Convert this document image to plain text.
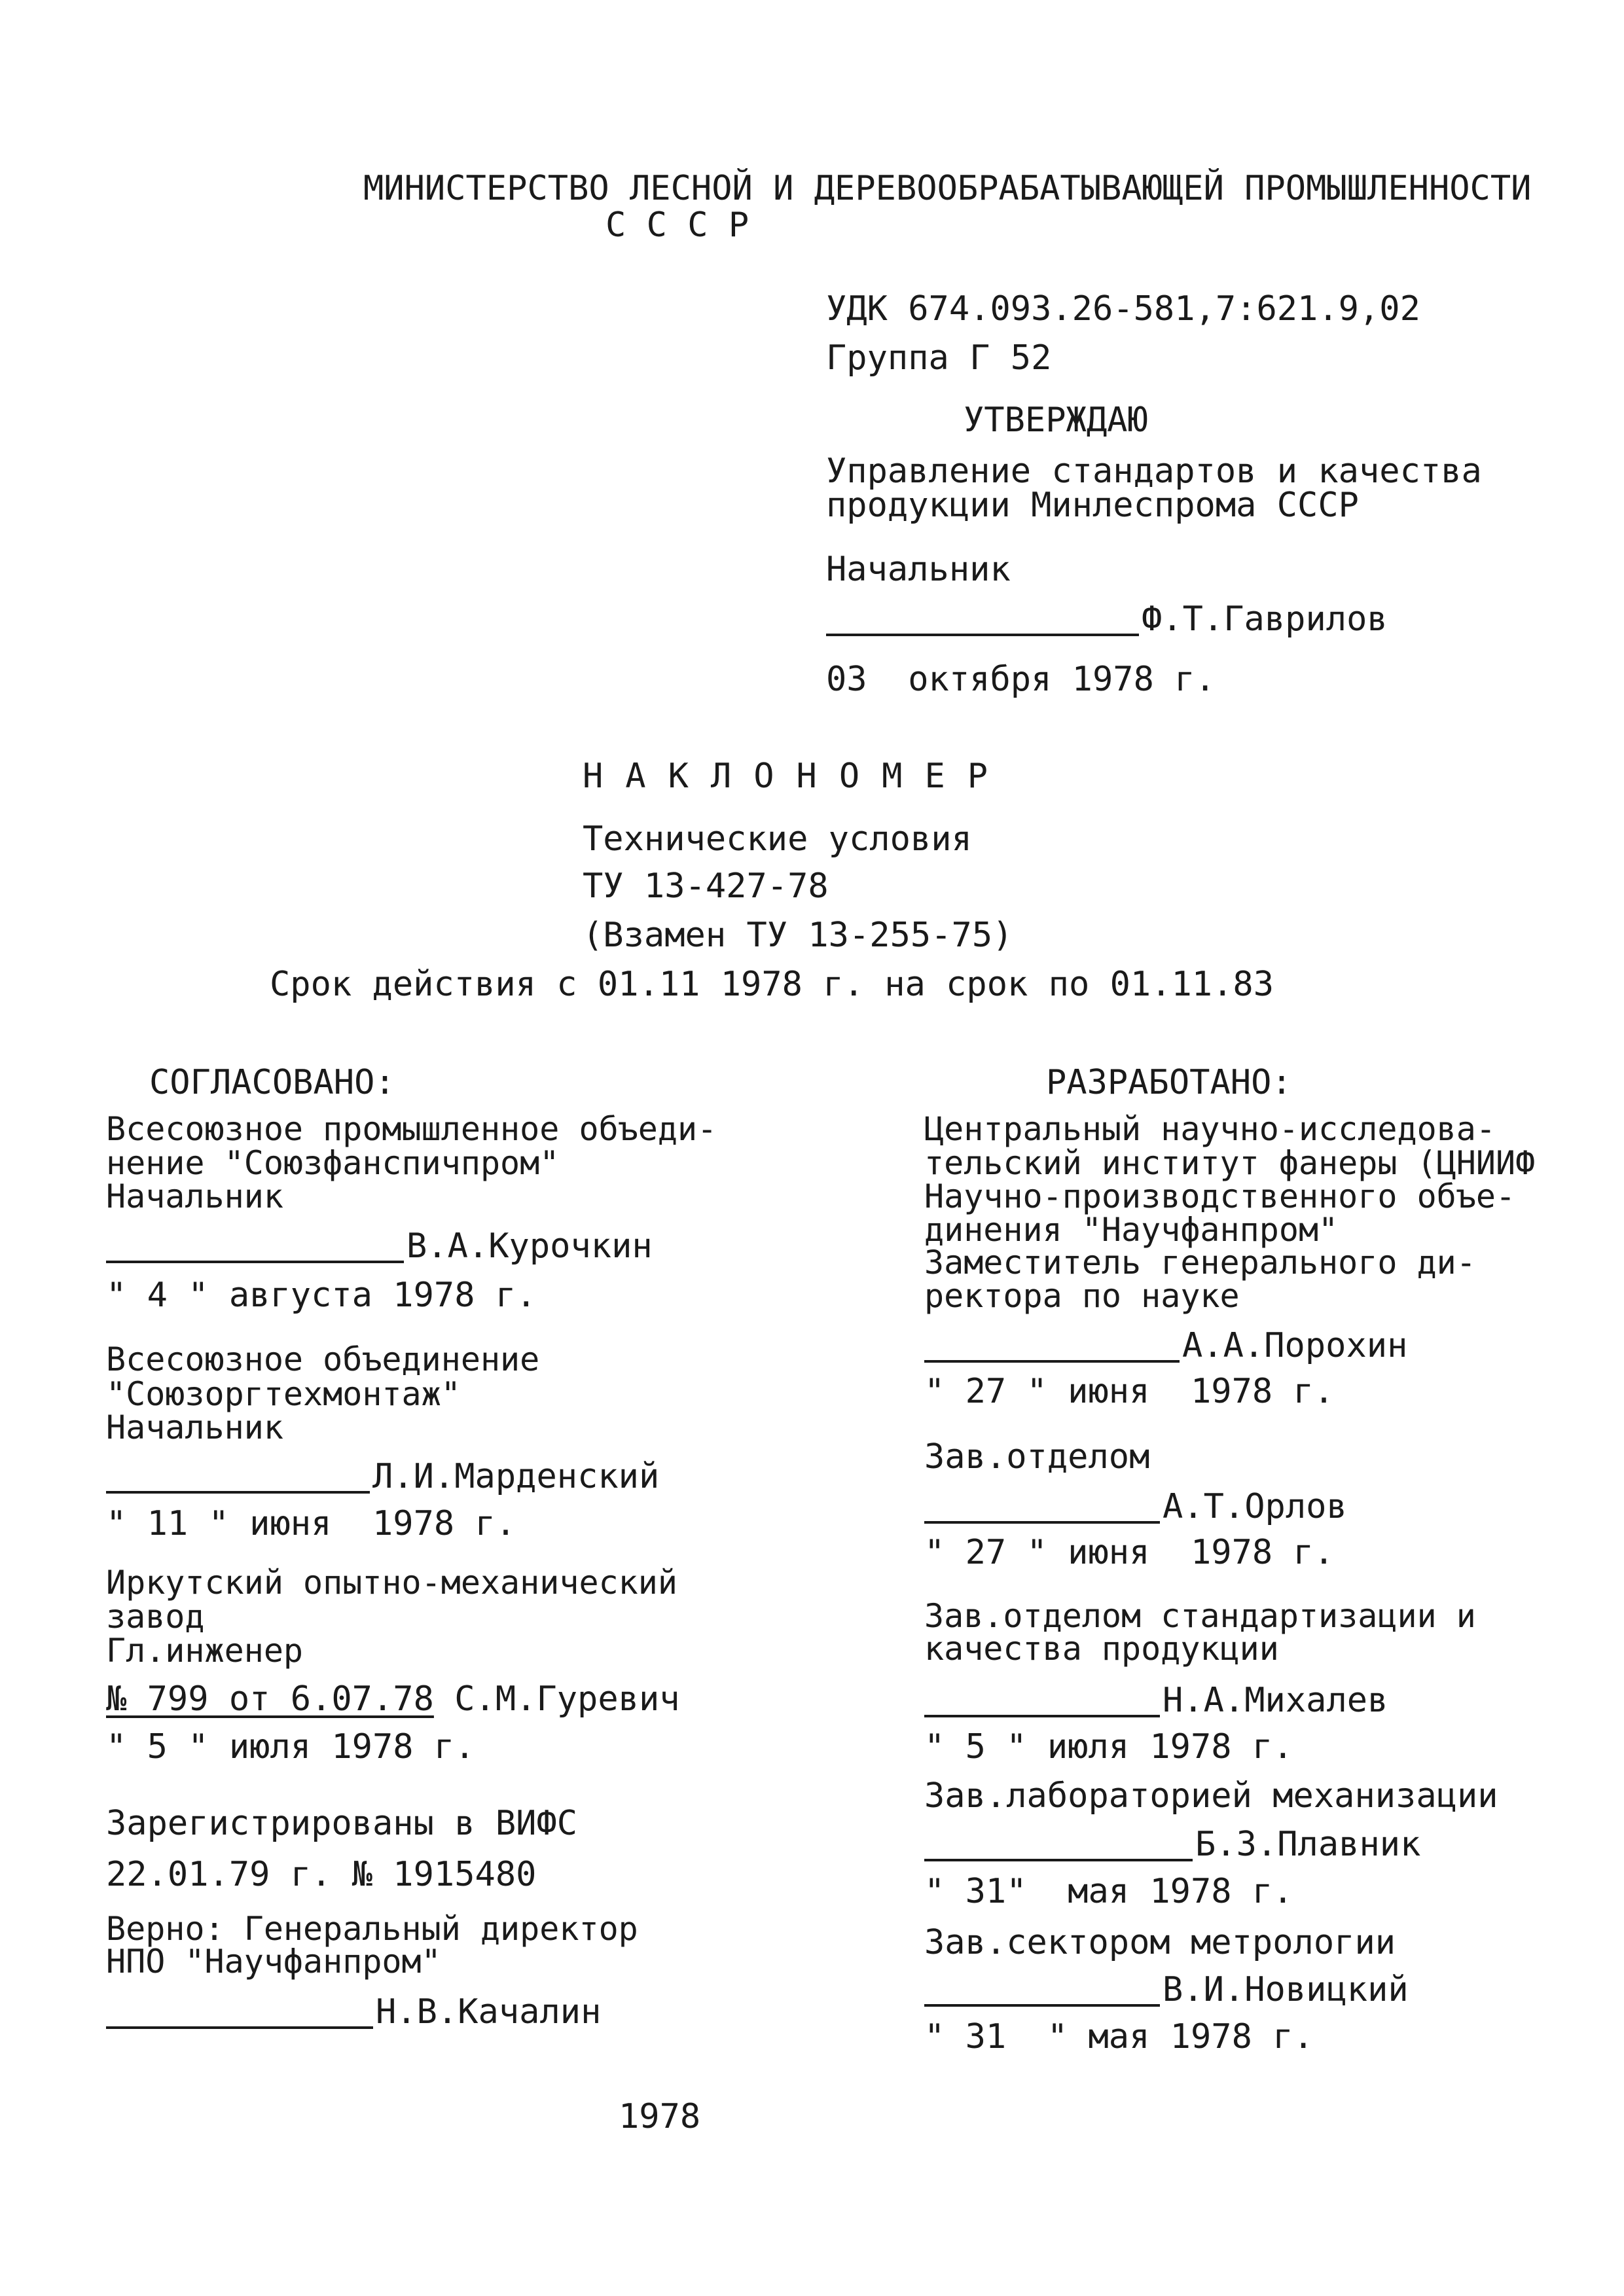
МИНИСТЕРСТВО ЛЕСНОЙ И ДЕРЕВООБРАБАТЫВАЮЩЕЙ ПРОМЫШЛЕННОСТИ
С С С Р
УДК 674.093.26-581,7:621.9,02
Группа Г 52
УТВЕРЖДАЮ
Управление стандартов и качества
продукции Минлеспрома СССР
Начальник
Ф.Т.Гаврилов
03  октября 1978 г.
НАКЛОНОМЕР
Технические условия
ТУ 13-427-78
(Взамен ТУ 13-255-75)
Срок действия с 01.11 1978 г. на срок по 01.11.83
СОГЛАСОВАНО:
Всесоюзное промышленное объеди-
нение "Союзфанспичпром"
Начальник
В.А.Курочкин
" 4 " августа 1978 г.
Всесоюзное объединение
"Союзоргтехмонтаж"
Начальник
Л.И.Марденский
" 11 " июня  1978 г.
Иркутский опытно-механический
завод
Гл.инженер
№ 799 от 6.07.78 С.М.Гуревич
" 5 " июля 1978 г.
Зарегистрированы в ВИФС
22.01.79 г. № 1915480
Верно: Генеральный директор
НПО "Научфанпром"
Н.В.Качалин
РАЗРАБОТАНО:
Центральный научно-исследова-
тельский институт фанеры (ЦНИИФ
Научно-производственного объе-
динения "Научфанпром"
Заместитель генерального ди-
ректора по науке
А.А.Порохин
" 27 " июня  1978 г.
Зав.отделом
А.Т.Орлов
" 27 " июня  1978 г.
Зав.отделом стандартизации и
качества продукции
Н.А.Михалев
" 5 " июля 1978 г.
Зав.лабораторией механизации
Б.З.Плавник
" 31"  мая 1978 г.
Зав.сектором метрологии
В.И.Новицкий
" 31  " мая 1978 г.
1978
